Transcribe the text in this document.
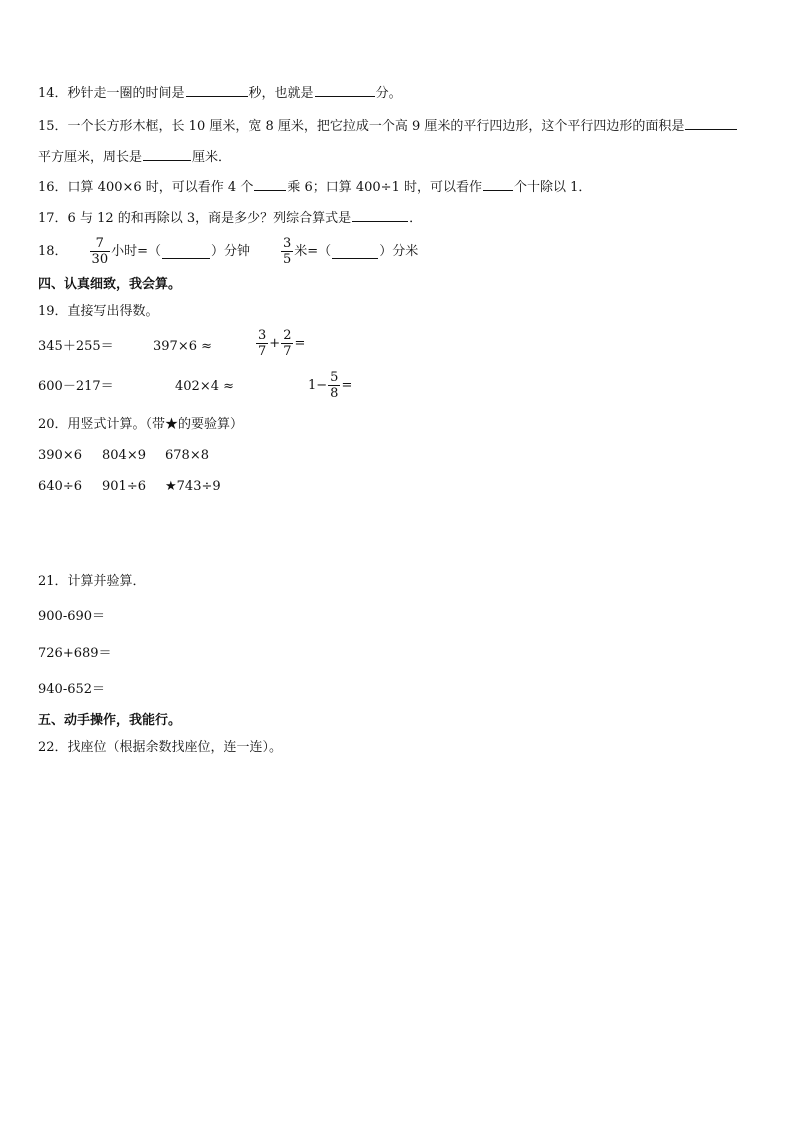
14．秒针走一圈的时间是	秒，也就是	分。
15．一个长方形木框，长 10 厘米，宽 8 厘米，把它拉成一个高 9 厘米的平行四边形，这个平行四边形的面积是
平方厘米，周长是	厘米．
16．口算 400×6 时，可以看作 4 个	乘 6；口算 400÷1 时，可以看作 个十除以 1．
17．6 与 12 的和再除以 3，商是多少？列综合算式是	．
18． $\frac{7}{30}$ 小时=（	）分钟 $\frac{3}{5}$ 米=（	）分米
四、认真细致，我会算。
19．直接写出得数。
345＋255＝	397×6 ≈	$\frac{3}{7} + \frac{2}{7}$ =
600－217＝	402×4 ≈	$1- \frac{5}{8}$ =
20．用竖式计算。（带★的要验算）
390×6 804×9 678×8
640÷6 901÷6 ★743÷9
21．计算并验算．
900-690＝
726+689＝
940-652＝
五、动手操作，我能行。
22．找座位（根据余数找座位，连一连）。
